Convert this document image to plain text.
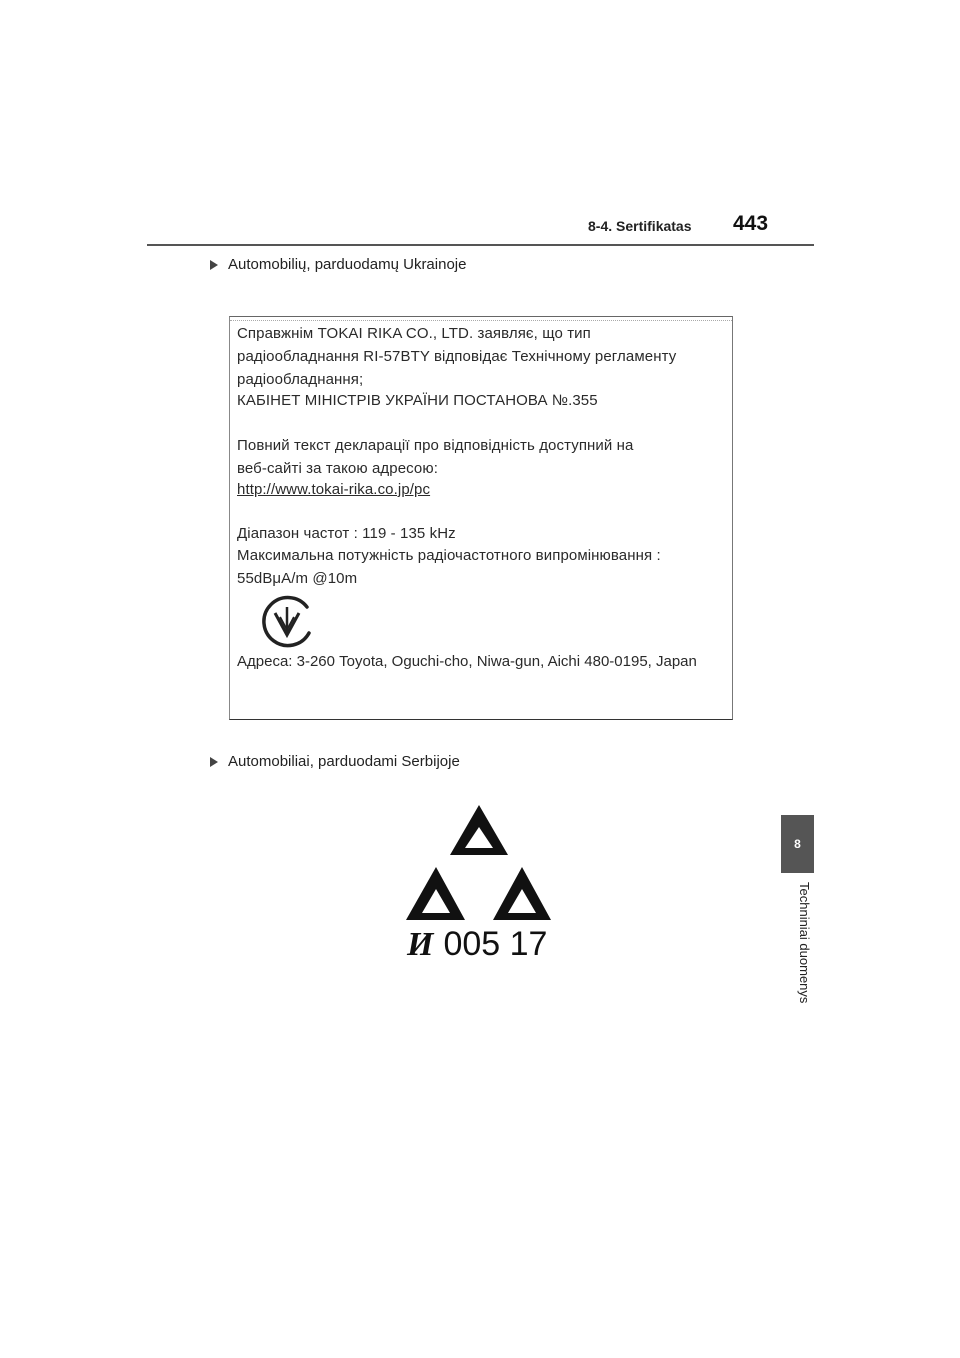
8-4. Sertifikatas 443
Automobilių, parduodamų Ukrainoje
Справжнім TOKAI RIKA CO., LTD. заявляє, що тип
радіообладнання RI-57BTY відповідає Технічному регламенту
радіообладнання;
КАБІНЕТ МІНІСТРІВ УКРАЇНИ ПОСТАНОВА №.355
Повний текст декларації про відповідність доступний на
веб-сайті за такою адресою:
http://www.tokai-rika.co.jp/pc
Діапазон частот : 119 - 135 kHz
Максимальна потужність радіочастотного випромінювання :
55dBμA/m @10m
Адреса: 3-260 Toyota, Oguchi-cho, Niwa-gun, Aichi 480-0195, Japan
Automobiliai, parduodami Serbijoje
И 005 17
8
Techniniai duomenys
